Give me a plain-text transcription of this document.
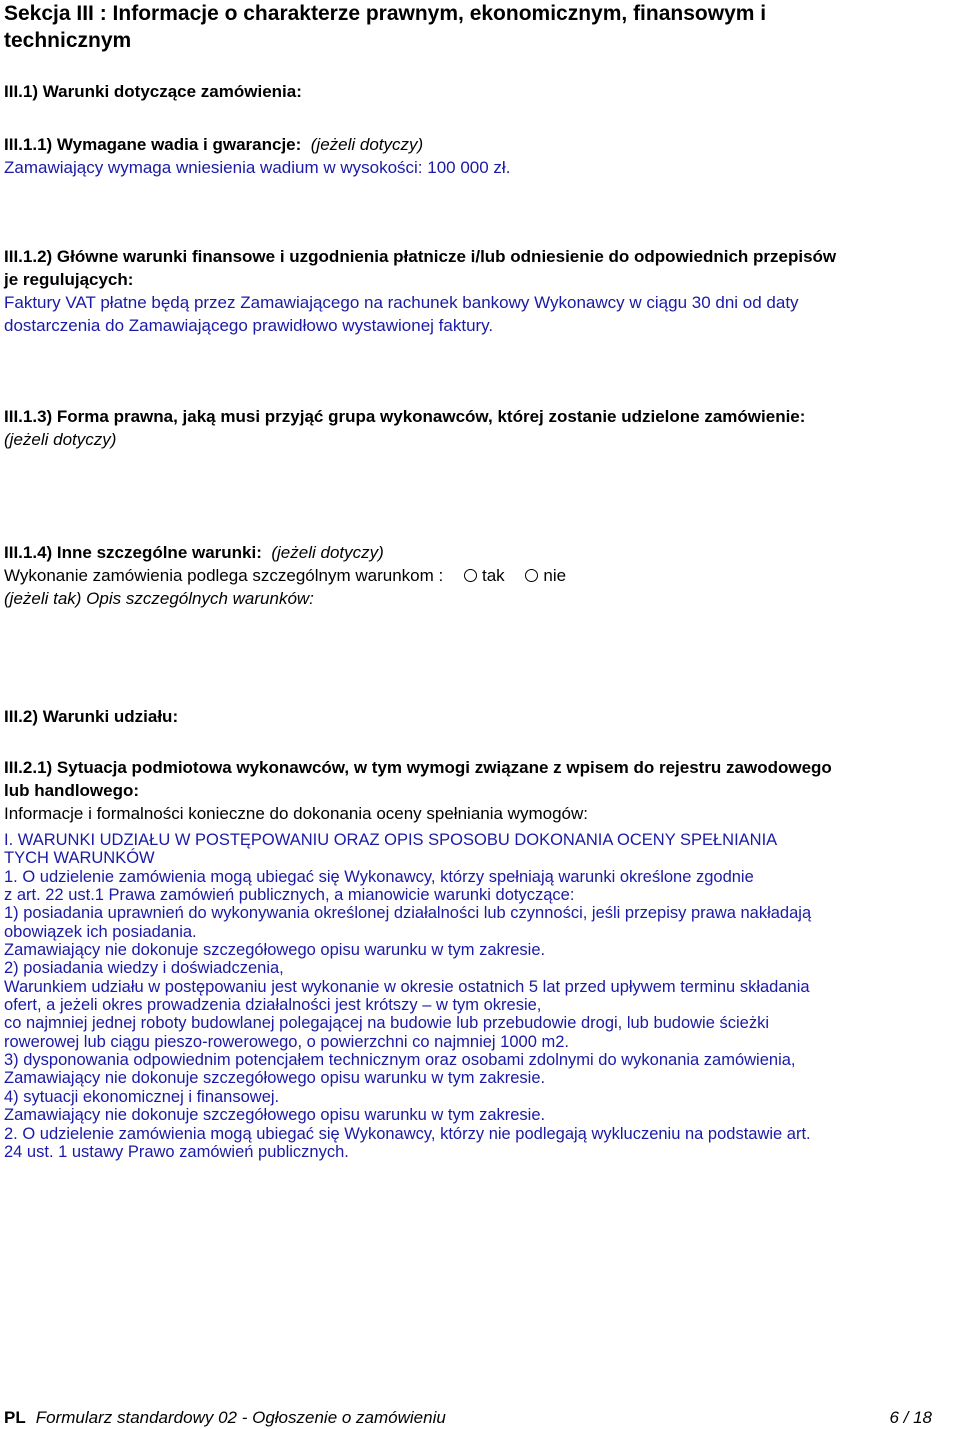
Sekcja III : Informacje o charakterze prawnym, ekonomicznym, finansowym i
technicznym
III.1) Warunki dotyczące zamówienia:
III.1.1) Wymagane wadia i gwarancje: (jeżeli dotyczy)
Zamawiający wymaga wniesienia wadium w wysokości: 100 000 zł.
III.1.2) Główne warunki finansowe i uzgodnienia płatnicze i/lub odniesienie do odpowiednich przepisów
je regulujących:
Faktury VAT płatne będą przez Zamawiającego na rachunek bankowy Wykonawcy w ciągu 30 dni od daty
dostarczenia do Zamawiającego prawidłowo wystawionej faktury.
III.1.3) Forma prawna, jaką musi przyjąć grupa wykonawców, której zostanie udzielone zamówienie:
(jeżeli dotyczy)
III.1.4) Inne szczególne warunki: (jeżeli dotyczy)
Wykonanie zamówienia podlega szczególnym warunkom : tak nie
(jeżeli tak) Opis szczególnych warunków:
III.2) Warunki udziału:
III.2.1) Sytuacja podmiotowa wykonawców, w tym wymogi związane z wpisem do rejestru zawodowego
lub handlowego:
Informacje i formalności konieczne do dokonania oceny spełniania wymogów:
I. WARUNKI UDZIAŁU W POSTĘPOWANIU ORAZ OPIS SPOSOBU DOKONANIA OCENY SPEŁNIANIA
TYCH WARUNKÓW
1. O udzielenie zamówienia mogą ubiegać się Wykonawcy, którzy spełniają warunki określone zgodnie
z art. 22 ust.1 Prawa zamówień publicznych, a mianowicie warunki dotyczące:
1) posiadania uprawnień do wykonywania określonej działalności lub czynności, jeśli przepisy prawa nakładają
obowiązek ich posiadania.
Zamawiający nie dokonuje szczegółowego opisu warunku w tym zakresie.
2) posiadania wiedzy i doświadczenia,
Warunkiem udziału w postępowaniu jest wykonanie w okresie ostatnich 5 lat przed upływem terminu składania
ofert, a jeżeli okres prowadzenia działalności jest krótszy – w tym okresie,
co najmniej jednej roboty budowlanej polegającej na budowie lub przebudowie drogi, lub budowie ścieżki
rowerowej lub ciągu pieszo-rowerowego, o powierzchni co najmniej 1000 m2.
3) dysponowania odpowiednim potencjałem technicznym oraz osobami zdolnymi do wykonania zamówienia,
Zamawiający nie dokonuje szczegółowego opisu warunku w tym zakresie.
4) sytuacji ekonomicznej i finansowej.
Zamawiający nie dokonuje szczegółowego opisu warunku w tym zakresie.
2. O udzielenie zamówienia mogą ubiegać się Wykonawcy, którzy nie podlegają wykluczeniu na podstawie art.
24 ust. 1 ustawy Prawo zamówień publicznych.
PL Formularz standardowy 02 - Ogłoszenie o zamówieniu	6 / 18
